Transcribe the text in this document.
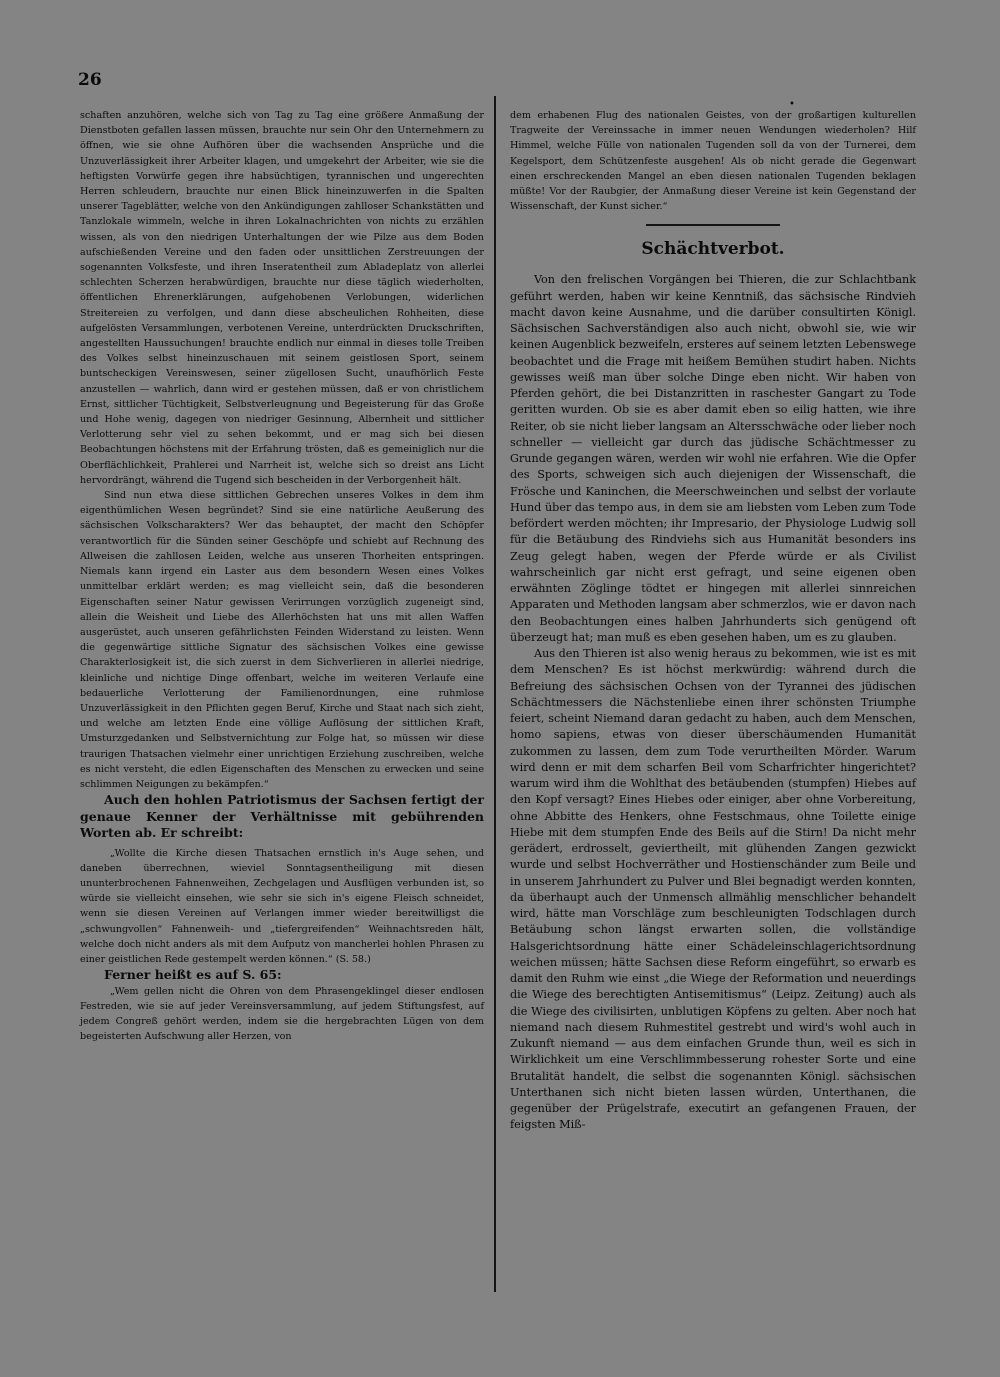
26
•

schaften anzuhören, welche sich von Tag zu Tag eine größere Anmaßung der Dienstboten gefallen lassen müssen, brauchte nur sein Ohr den Unternehmern zu öffnen, wie sie ohne Aufhören über die wachsenden Ansprüche und die Unzuverlässigkeit ihrer Arbeiter klagen, und umgekehrt der Arbeiter, wie sie die heftigsten Vorwürfe gegen ihre habsüchtigen, tyrannischen und ungerechten Herren schleudern, brauchte nur einen Blick hineinzuwerfen in die Spalten unserer Tageblätter, welche von den Ankündigungen zahlloser Schankstätten und Tanzlokale wimmeln, welche in ihren Lokalnachrichten von nichts zu erzählen wissen, als von den niedrigen Unterhaltungen der wie Pilze aus dem Boden aufschießenden Vereine und den faden oder unsittlichen Zerstreuungen der sogenannten Volksfeste, und ihren Inseratentheil zum Abladeplatz von allerlei schlechten Scherzen herabwürdigen, brauchte nur diese täglich wiederholten, öffentlichen Ehrenerklärungen, aufgehobenen Verlobungen, widerlichen Streitereien zu verfolgen, und dann diese abscheulichen Rohheiten, diese aufgelösten Versammlungen, verbotenen Vereine, unterdrückten Druckschriften, angestellten Haussuchungen! brauchte endlich nur einmal in dieses tolle Treiben des Volkes selbst hineinzuschauen mit seinem geistlosen Sport, seinem buntscheckigen Vereinswesen, seiner zügellosen Sucht, unaufhörlich Feste anzustellen — wahrlich, dann wird er gestehen müssen, daß er von christlichem Ernst, sittlicher Tüchtigkeit, Selbstverleugnung und Begeisterung für das Große und Hohe wenig, dagegen von niedriger Gesinnung, Albernheit und sittlicher Verlotterung sehr viel zu sehen bekommt, und er mag sich bei diesen Beobachtungen höchstens mit der Erfahrung trösten, daß es gemeiniglich nur die Oberflächlichkeit, Prahlerei und Narrheit ist, welche sich so dreist ans Licht hervordrängt, während die Tugend sich bescheiden in der Verborgenheit hält.

Sind nun etwa diese sittlichen Gebrechen unseres Volkes in dem ihm eigenthümlichen Wesen begründet? Sind sie eine natürliche Aeußerung des sächsischen Volkscharakters? Wer das behauptet, der macht den Schöpfer verantwortlich für die Sünden seiner Geschöpfe und schiebt auf Rechnung des Allweisen die zahllosen Leiden, welche aus unseren Thorheiten entspringen. Niemals kann irgend ein Laster aus dem besondern Wesen eines Volkes unmittelbar erklärt werden; es mag vielleicht sein, daß die besonderen Eigenschaften seiner Natur gewissen Verirrungen vorzüglich zugeneigt sind, allein die Weisheit und Liebe des Allerhöchsten hat uns mit allen Waffen ausgerüstet, auch unseren gefährlichsten Feinden Widerstand zu leisten. Wenn die gegenwärtige sittliche Signatur des sächsischen Volkes eine gewisse Charakterlosigkeit ist, die sich zuerst in dem Sichverlieren in allerlei niedrige, kleinliche und nichtige Dinge offenbart, welche im weiteren Verlaufe eine bedauerliche Verlotterung der Familienordnungen, eine ruhmlose Unzuverlässigkeit in den Pflichten gegen Beruf, Kirche und Staat nach sich zieht, und welche am letzten Ende eine völlige Auflösung der sittlichen Kraft, Umsturzgedanken und Selbstvernichtung zur Folge hat, so müssen wir diese traurigen Thatsachen vielmehr einer unrichtigen Erziehung zuschreiben, welche es nicht versteht, die edlen Eigenschaften des Menschen zu erwecken und seine schlimmen Neigungen zu bekämpfen.“

Auch den hohlen Patriotismus der Sachsen fertigt der genaue Kenner der Verhältnisse mit gebührenden Worten ab. Er schreibt:

„Wollte die Kirche diesen Thatsachen ernstlich in's Auge sehen, und daneben überrechnen, wieviel Sonntagsentheiligung mit diesen ununterbrochenen Fahnenweihen, Zechgelagen und Ausflügen verbunden ist, so würde sie vielleicht einsehen, wie sehr sie sich in's eigene Fleisch schneidet, wenn sie diesen Vereinen auf Verlangen immer wieder bereitwilligst die „schwungvollen“ Fahnenweih- und „tiefergreifenden“ Weihnachtsreden hält, welche doch nicht anders als mit dem Aufputz von mancherlei hohlen Phrasen zu einer geistlichen Rede gestempelt werden können.“ (S. 58.)

Ferner heißt es auf S. 65:

„Wem gellen nicht die Ohren von dem Phrasengeklingel dieser endlosen Festreden, wie sie auf jeder Vereinsversammlung, auf jedem Stiftungsfest, auf jedem Congreß gehört werden, indem sie die hergebrachten Lügen von dem begeisterten Aufschwung aller Herzen, von

dem erhabenen Flug des nationalen Geistes, von der großartigen kulturellen Tragweite der Vereinssache in immer neuen Wendungen wiederholen? Hilf Himmel, welche Fülle von nationalen Tugenden soll da von der Turnerei, dem Kegelsport, dem Schützenfeste ausgehen! Als ob nicht gerade die Gegenwart einen erschreckenden Mangel an eben diesen nationalen Tugenden beklagen müßte! Vor der Raubgier, der Anmaßung dieser Vereine ist kein Gegenstand der Wissenschaft, der Kunst sicher.“

Schächtverbot.

Von den frelischen Vorgängen bei Thieren, die zur Schlachtbank geführt werden, haben wir keine Kenntniß, das sächsische Rindvieh macht davon keine Ausnahme, und die darüber consultirten Königl. Sächsischen Sachverständigen also auch nicht, obwohl sie, wie wir keinen Augenblick bezweifeln, ersteres auf seinem letzten Lebenswege beobachtet und die Frage mit heißem Bemühen studirt haben. Nichts gewisses weiß man über solche Dinge eben nicht. Wir haben von Pferden gehört, die bei Distanzritten in raschester Gangart zu Tode geritten wurden. Ob sie es aber damit eben so eilig hatten, wie ihre Reiter, ob sie nicht lieber langsam an Altersschwäche oder lieber noch schneller — vielleicht gar durch das jüdische Schächtmesser zu Grunde gegangen wären, werden wir wohl nie erfahren. Wie die Opfer des Sports, schweigen sich auch diejenigen der Wissenschaft, die Frösche und Kaninchen, die Meerschweinchen und selbst der vorlaute Hund über das tempo aus, in dem sie am liebsten vom Leben zum Tode befördert werden möchten; ihr Impresario, der Physiologe Ludwig soll für die Betäubung des Rindviehs sich aus Humanität besonders ins Zeug gelegt haben, wegen der Pferde würde er als Civilist wahrscheinlich gar nicht erst gefragt, und seine eigenen oben erwähnten Zöglinge tödtet er hingegen mit allerlei sinnreichen Apparaten und Methoden langsam aber schmerzlos, wie er davon nach den Beobachtungen eines halben Jahrhunderts sich genügend oft überzeugt hat; man muß es eben gesehen haben, um es zu glauben.

Aus den Thieren ist also wenig heraus zu bekommen, wie ist es mit dem Menschen? Es ist höchst merkwürdig: während durch die Befreiung des sächsischen Ochsen von der Tyrannei des jüdischen Schächtmessers die Nächstenliebe einen ihrer schönsten Triumphe feiert, scheint Niemand daran gedacht zu haben, auch dem Menschen, homo sapiens, etwas von dieser überschäumenden Humanität zukommen zu lassen, dem zum Tode verurtheilten Mörder. Warum wird denn er mit dem scharfen Beil vom Scharfrichter hingerichtet? warum wird ihm die Wohlthat des betäubenden (stumpfen) Hiebes auf den Kopf versagt? Eines Hiebes oder einiger, aber ohne Vorbereitung, ohne Abbitte des Henkers, ohne Festschmaus, ohne Toilette einige Hiebe mit dem stumpfen Ende des Beils auf die Stirn! Da nicht mehr gerädert, erdrosselt, geviertheilt, mit glühenden Zangen gezwickt wurde und selbst Hochverräther und Hostienschänder zum Beile und in unserem Jahrhundert zu Pulver und Blei begnadigt werden konnten, da überhaupt auch der Unmensch allmählig menschlicher behandelt wird, hätte man Vorschläge zum beschleunigten Todschlagen durch Betäubung schon längst erwarten sollen, die vollständige Halsgerichtsordnung hätte einer Schädeleinschlagerichtsordnung weichen müssen; hätte Sachsen diese Reform eingeführt, so erwarb es damit den Ruhm wie einst „die Wiege der Reformation und neuerdings die Wiege des berechtigten Antisemitismus“ (Leipz. Zeitung) auch als die Wiege des civilisirten, unblutigen Köpfens zu gelten. Aber noch hat niemand nach diesem Ruhmestitel gestrebt und wird's wohl auch in Zukunft niemand — aus dem einfachen Grunde thun, weil es sich in Wirklichkeit um eine Verschlimmbesserung rohester Sorte und eine Brutalität handelt, die selbst die sogenannten Königl. sächsischen Unterthanen sich nicht bieten lassen würden, Unterthanen, die gegenüber der Prügelstrafe, executirt an gefangenen Frauen, der feigsten Miß-
